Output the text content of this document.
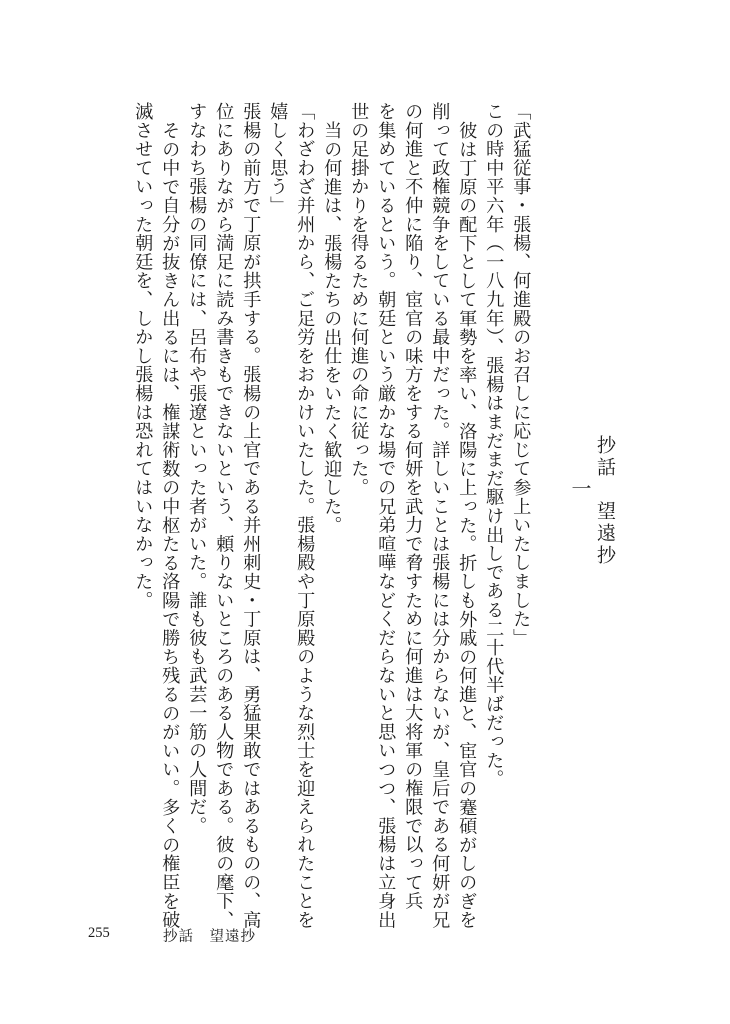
抄話　望遠抄
一
「武猛従事・張楊、何進殿のお召しに応じて参上いたしました」
この時中平六年（一八九年）、張楊はまだまだ駆け出しである二十代半ばだった。
彼は丁原の配下として軍勢を率い、洛陽に上った。折しも外戚の何進と、宦官の蹇碩がしのぎを
削って政権競争をしている最中だった。詳しいことは張楊には分からないが、皇后である何妍が兄
の何進と不仲に陥り、宦官の味方をする何妍を武力で脅すために何進は大将軍の権限で以って兵
を集めているという。朝廷という厳かな場での兄弟喧嘩などくだらないと思いつつ、張楊は立身出
世の足掛かりを得るために何進の命に従った。
当の何進は、張楊たちの出仕をいたく歓迎した。
「わざわざ并州から、ご足労をおかけいたした。張楊殿や丁原殿のような烈士を迎えられたことを
嬉しく思う」
張楊の前方で丁原が拱手する。張楊の上官である并州刺史・丁原は、勇猛果敢ではあるものの、高
位にありながら満足に読み書きもできないという、頼りないところのある人物である。彼の麾下、
すなわち張楊の同僚には、呂布や張遼といった者がいた。誰も彼も武芸一筋の人間だ。
その中で自分が抜きん出るには、権謀術数の中枢たる洛陽で勝ち残るのがいい。多くの権臣を破
滅させていった朝廷を、しかし張楊は恐れてはいなかった。
255	抄話　望遠抄
